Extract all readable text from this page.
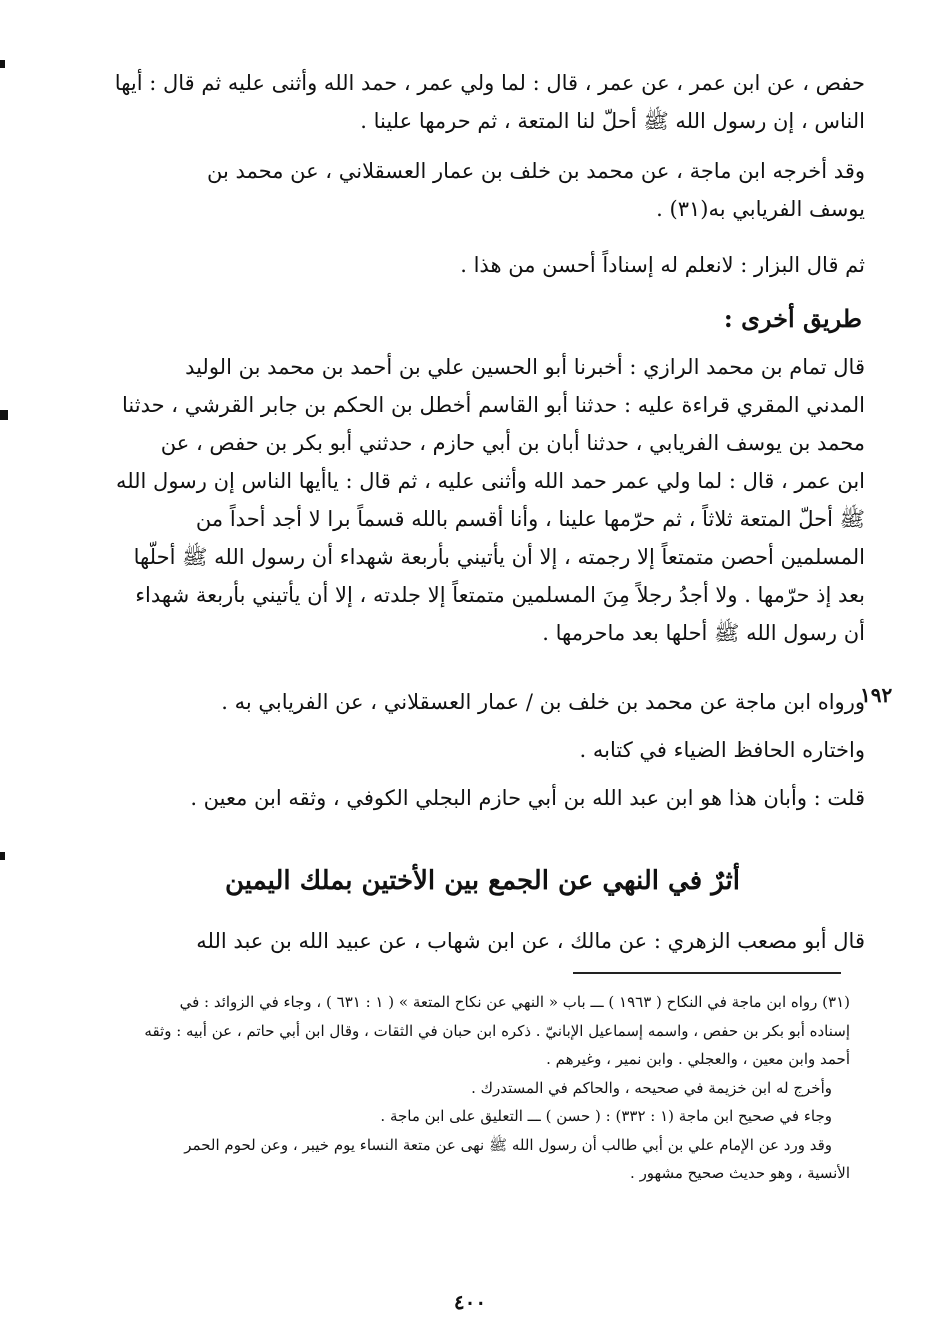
حفص ، عن ابن عمر ، عن عمر ، قال : لما ولي عمر ، حمد الله وأثنى عليه ثم قال : أيها
الناس ، إن رسول الله ﷺ أحلّ لنا المتعة ، ثم حرمها علينا .
وقد أخرجه ابن ماجة ، عن محمد بن خلف بن عمار العسقلاني ، عن محمد بن
يوسف الفريابي به(٣١) .
ثم قال البزار : لانعلم له إسناداً أحسن من هذا .
طريق أخرى :
قال تمام بن محمد الرازي : أخبرنا أبو الحسين علي بن أحمد بن محمد بن الوليد
المدني المقري قراءة عليه : حدثنا أبو القاسم أخطل بن الحكم بن جابر القرشي ، حدثنا
محمد بن يوسف الفريابي ، حدثنا أبان بن أبي حازم ، حدثني أبو بكر بن حفص ، عن
ابن عمر ، قال : لما ولي عمر حمد الله وأثنى عليه ، ثم قال : ياأيها الناس إن رسول الله
ﷺ أحلّ المتعة ثلاثاً ، ثم حرّمها علينا ، وأنا أقسم بالله قسماً برا لا أجد أحداً من
المسلمين أحصن متمتعاً إلا رجمته ، إلا أن يأتيني بأربعة شهداء أن رسول الله ﷺ أحلّها
بعد إذ حرّمها . ولا أجدُ رجلاً مِنَ المسلمين متمتعاً إلا جلدته ، إلا أن يأتيني بأربعة شهداء
أن رسول الله ﷺ أحلها بعد ماحرمها .
١٩٢
ورواه ابن ماجة عن محمد بن خلف بن / عمار العسقلاني ، عن الفريابي به .
واختاره الحافظ الضياء في كتابه .
قلت : وأبان هذا هو ابن عبد الله بن أبي حازم البجلي الكوفي ، وثقه ابن معين .
أثرٌ في النهي عن الجمع بين الأختين بملك اليمين
قال أبو مصعب الزهري : عن مالك ، عن ابن شهاب ، عن عبيد الله بن عبد الله
(٣١) رواه ابن ماجة في النكاح ( ١٩٦٣ ) ـــ باب « النهي عن نكاح المتعة » ( ١ : ٦٣١ ) ، وجاء في الزوائد : في
إسناده أبو بكر بن حفص ، واسمه إسماعيل الإبانيّ . ذكره ابن حبان في الثقات ، وقال ابن أبي حاتم ، عن أبيه : وثقه
أحمد وابن معين ، والعجلي . وابن نمير ، وغيرهم .
وأخرج له ابن خزيمة في صحيحه ، والحاكم في المستدرك .
وجاء في صحيح ابن ماجة (١ : ٣٣٢) : ( حسن ) ـــ التعليق على ابن ماجة .
وقد ورد عن الإمام علي بن أبي طالب أن رسول الله ﷺ نهى عن متعة النساء يوم خيبر ، وعن لحوم الحمر
الأنسية ، وهو حديث صحيح مشهور .
٤٠٠
